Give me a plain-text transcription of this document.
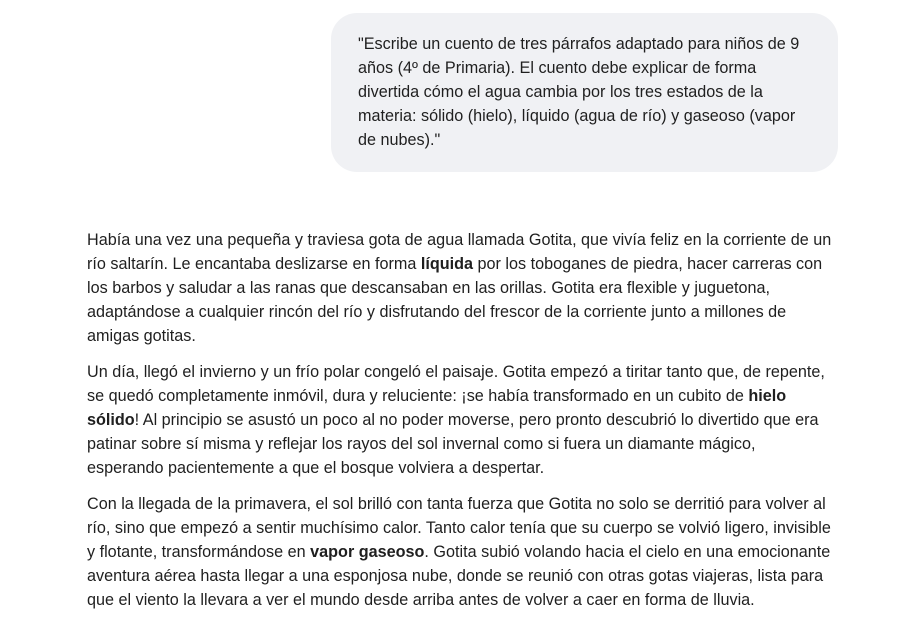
"Escribe un cuento de tres párrafos adaptado para niños de 9 años (4º de Primaria). El cuento debe explicar de forma divertida cómo el agua cambia por los tres estados de la materia: sólido (hielo), líquido (agua de río) y gaseoso (vapor de nubes)."

Había una vez una pequeña y traviesa gota de agua llamada Gotita, que vivía feliz en la corriente de un río saltarín. Le encantaba deslizarse en forma líquida por los toboganes de piedra, hacer carreras con los barbos y saludar a las ranas que descansaban en las orillas. Gotita era flexible y juguetona, adaptándose a cualquier rincón del río y disfrutando del frescor de la corriente junto a millones de amigas gotitas.

Un día, llegó el invierno y un frío polar congeló el paisaje. Gotita empezó a tiritar tanto que, de repente, se quedó completamente inmóvil, dura y reluciente: ¡se había transformado en un cubito de hielo sólido! Al principio se asustó un poco al no poder moverse, pero pronto descubrió lo divertido que era patinar sobre sí misma y reflejar los rayos del sol invernal como si fuera un diamante mágico, esperando pacientemente a que el bosque volviera a despertar.

Con la llegada de la primavera, el sol brilló con tanta fuerza que Gotita no solo se derritió para volver al río, sino que empezó a sentir muchísimo calor. Tanto calor tenía que su cuerpo se volvió ligero, invisible y flotante, transformándose en vapor gaseoso. Gotita subió volando hacia el cielo en una emocionante aventura aérea hasta llegar a una esponjosa nube, donde se reunió con otras gotas viajeras, lista para que el viento la llevara a ver el mundo desde arriba antes de volver a caer en forma de lluvia.
